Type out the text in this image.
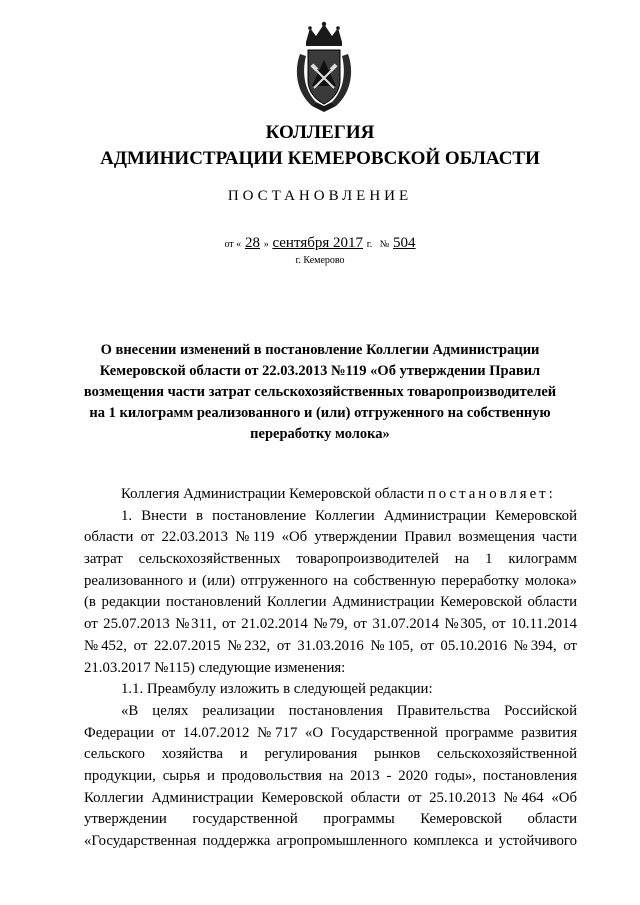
КОЛЛЕГИЯ
АДМИНИСТРАЦИИ КЕМЕРОВСКОЙ ОБЛАСТИ
ПОСТАНОВЛЕНИЕ
от « 28 » сентября 2017 г. № 504
г. Кемерово
О внесении изменений в постановление Коллегии Администрации
Кемеровской области от 22.03.2013 №119 «Об утверждении Правил
возмещения части затрат сельскохозяйственных товаропроизводителей
на 1 килограмм реализованного и (или) отгруженного на собственную
переработку молока»
Коллегия Администрации Кемеровской области постановляет:
1. Внести в постановление Коллегии Администрации Кемеровской
области от 22.03.2013 №119 «Об утверждении Правил возмещения части
затрат сельскохозяйственных товаропроизводителей на 1 килограмм
реализованного и (или) отгруженного на собственную переработку молока»
(в редакции постановлений Коллегии Администрации Кемеровской области
от 25.07.2013 №311, от 21.02.2014 №79, от 31.07.2014 №305, от 10.11.2014
№452, от 22.07.2015 №232, от 31.03.2016 №105, от 05.10.2016 №394, от
21.03.2017 №115) следующие изменения:
1.1. Преамбулу изложить в следующей редакции:
«В целях реализации постановления Правительства Российской
Федерации от 14.07.2012 №717 «О Государственной программе развития
сельского хозяйства и регулирования рынков сельскохозяйственной
продукции, сырья и продовольствия на 2013 - 2020 годы», постановления
Коллегии Администрации Кемеровской области от 25.10.2013 №464 «Об
утверждении государственной программы Кемеровской области
«Государственная поддержка агропромышленного комплекса и устойчивого
